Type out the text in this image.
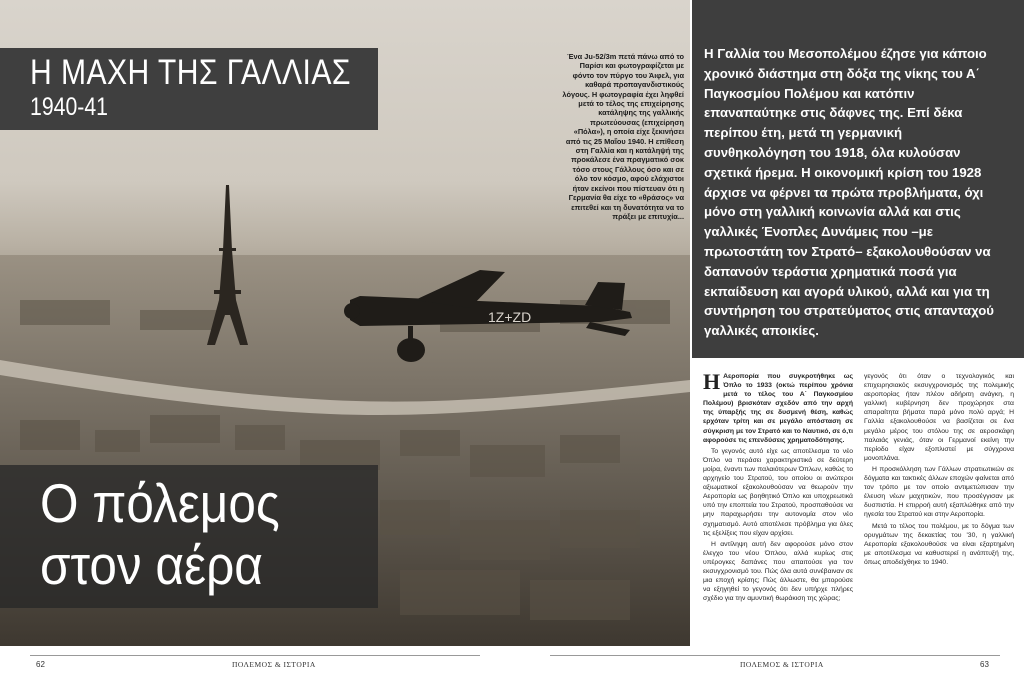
1Z+ZD
Η ΜΑΧΗ ΤΗΣ ΓΑΛΛΙΑΣ
1940-41
Ένα Ju-52/3m πετά πάνω από το Παρίσι και φωτογραφίζεται με φόντο τον πύργο του Άιφελ, για καθαρά προπαγανδιστικούς λόγους. Η φωτογραφία έχει ληφθεί μετά το τέλος της επιχείρησης κατάληψης της γαλλικής πρωτεύουσας (επιχείρηση «Πόλα»), η οποία είχε ξεκινήσει από τις 25 Μαΐου 1940. Η επίθεση στη Γαλλία και η κατάληψή της προκάλεσε ένα πραγματικό σοκ τόσο στους Γάλλους όσο και σε όλο τον κόσμο, αφού ελάχιστοι ήταν εκείνοι που πίστευαν ότι η Γερμανία θα είχε το «θράσος» να επιτεθεί και τη δυνατότητα να το πράξει με επιτυχία...
Ο πόλεμος
στον αέρα
Η Γαλλία του Μεσοπολέμου έζησε για κάποιο χρονικό διάστημα στη δόξα της νίκης του Α΄ Παγκοσμίου Πολέμου και κατόπιν επαναπαύτηκε στις δάφνες της. Επί δέκα περίπου έτη, μετά τη γερμανική συνθηκολόγηση του 1918, όλα κυλούσαν σχετικά ήρεμα. Η οικονομική κρίση του 1928 άρχισε να φέρνει τα πρώτα προβλήματα, όχι μόνο στη γαλλική κοινωνία αλλά και στις γαλλικές Ένοπλες Δυνάμεις που –με πρωτοστάτη τον Στρατό– εξακολουθούσαν να δαπανούν τεράστια χρηματικά ποσά για εκπαίδευση και αγορά υλικού, αλλά και για τη συντήρηση του στρατεύματος στις απανταχού γαλλικές αποικίες.

Η Αεροπορία που συγκροτήθηκε ως Όπλο το 1933 (οκτώ περίπου χρόνια μετά το τέλος του Α΄ Παγκοσμίου Πολέμου) βρισκόταν σχεδόν από την αρχή της ύπαρξής της σε δυσμενή θέση, καθώς ερχόταν τρίτη και σε μεγάλο απόσταση σε σύγκριση με τον Στρατό και το Ναυτικό, σε ό,τι αφορούσε τις επενδύσεις χρηματοδότησης.

Το γεγονός αυτό είχε ως αποτέλεσμα το νέο Όπλο να περάσει χαρακτηριστικά σε δεύτερη μοίρα, έναντι των παλαιότερων Όπλων, καθώς το αρχηγείο του Στρατού, του οποίου οι ανώτεροι αξιωματικοί εξακολουθούσαν να θεωρούν την Αεροπορία ως βοηθητικό Όπλο και υποχρεωτικά υπό την εποπτεία του Στρατού, προσπαθούσε να μην παραχωρήσει την αυτονομία στον νέο σχηματισμό. Αυτό αποτέλεσε πρόβλημα για όλες τις εξελίξεις που είχαν αρχίσει.

Η αντίληψη αυτή δεν αφορούσε μόνο στον έλεγχο του νέου Όπλου, αλλά κυρίως στις υπέρογκες δαπάνες που απαιτούσε για τον εκσυγχρονισμό του. Πώς όλα αυτά συνέβαιναν σε μια εποχή κρίσης; Πώς άλλωστε, θα μπορούσε να εξηγηθεί το γεγονός ότι δεν υπήρχε πλήρες σχέδιο για την αμυντική θωράκιση της χώρας;

γεγονός ότι όταν ο τεχνολογικός και επιχειρησιακός εκσυγχρονισμός της πολεμικής αεροπορίας ήταν πλέον αδήριτη ανάγκη, η γαλλική κυβέρνηση δεν προχώρησε στα απαραίτητα βήματα παρά μόνο πολύ αργά; Η Γαλλία εξακολουθούσε να βασίζεται σε ένα μεγάλο μέρος του στόλου της σε αεροσκάφη παλαιάς γενιάς, όταν οι Γερμανοί εκείνη την περίοδο είχαν εξοπλιστεί με σύγχρονα μονοπλάνα.

Η προσκόλληση των Γάλλων στρατιωτικών σε δόγματα και τακτικές άλλων εποχών φαίνεται από τον τρόπο με τον οποίο αντιμετώπισαν την έλευση νέων μαχητικών, που προσέγγισαν με δυσπιστία. Η επιρροή αυτή εξαπλώθηκε από την ηγεσία του Στρατού και στην Αεροπορία.

Μετά το τέλος του πολέμου, με το δόγμα των ορυγμάτων της δεκαετίας του '30, η γαλλική Αεροπορία εξακολουθούσε να είναι εξαρτημένη με αποτέλεσμα να καθυστερεί η ανάπτυξή της, όπως αποδείχθηκε το 1940.

62	ΠΟΛΕΜΟΣ & ΙΣΤΟΡΙΑ	ΠΟΛΕΜΟΣ & ΙΣΤΟΡΙΑ	63
